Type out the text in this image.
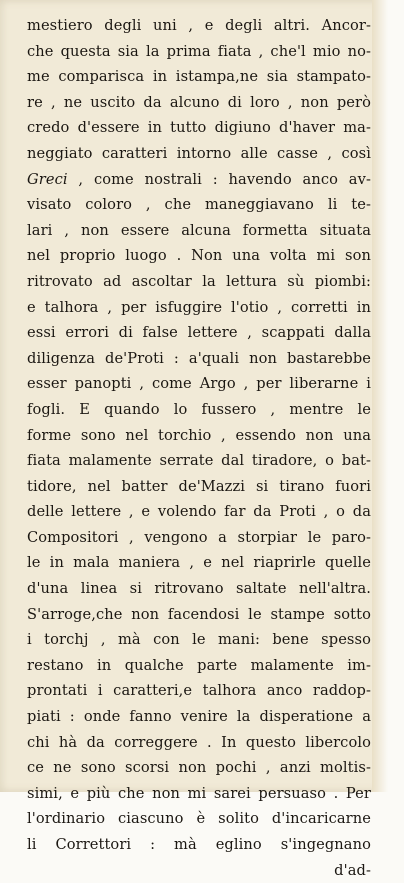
mestiero degli uni , e degli altri. Ancor-
che questa sia la prima fiata , che'l mio no-
me comparisca in istampa,ne sia stampato-
re , ne uscito da alcuno di loro , non però
credo d'essere in tutto digiuno d'haver ma-
neggiato caratteri intorno alle casse , così
Greci , come nostrali : havendo anco av-
visato coloro , che maneggiavano li te-
lari , non essere alcuna formetta situata
nel proprio luogo . Non una volta mi son
ritrovato ad ascoltar la lettura sù piombi:
e talhora , per isfuggire l'otio , corretti in
essi errori di false lettere , scappati dalla
diligenza de'Proti : a'quali non bastarebbe
esser panopti , come Argo , per liberarne i
fogli. E quando lo fussero , mentre le
forme sono nel torchio , essendo non una
fiata malamente serrate dal tiradore, o bat-
tidore, nel batter de'Mazzi si tirano fuori
delle lettere , e volendo far da Proti , o da
Compositori , vengono a storpiar le paro-
le in mala maniera , e nel riaprirle quelle
d'una linea si ritrovano saltate nell'altra.
S'arroge,che non facendosi le stampe sotto
i torchj , mà con le mani: bene spesso
restano in qualche parte malamente im-
prontati i caratteri,e talhora anco raddop-
piati : onde fanno venire la disperatione a
chi hà da correggere . In questo libercolo
ce ne sono scorsi non pochi , anzi moltis-
simi, e più che non mi sarei persuaso . Per
l'ordinario ciascuno è solito d'incaricarne
li Correttori : mà eglino s'ingegnano
d'ad-
